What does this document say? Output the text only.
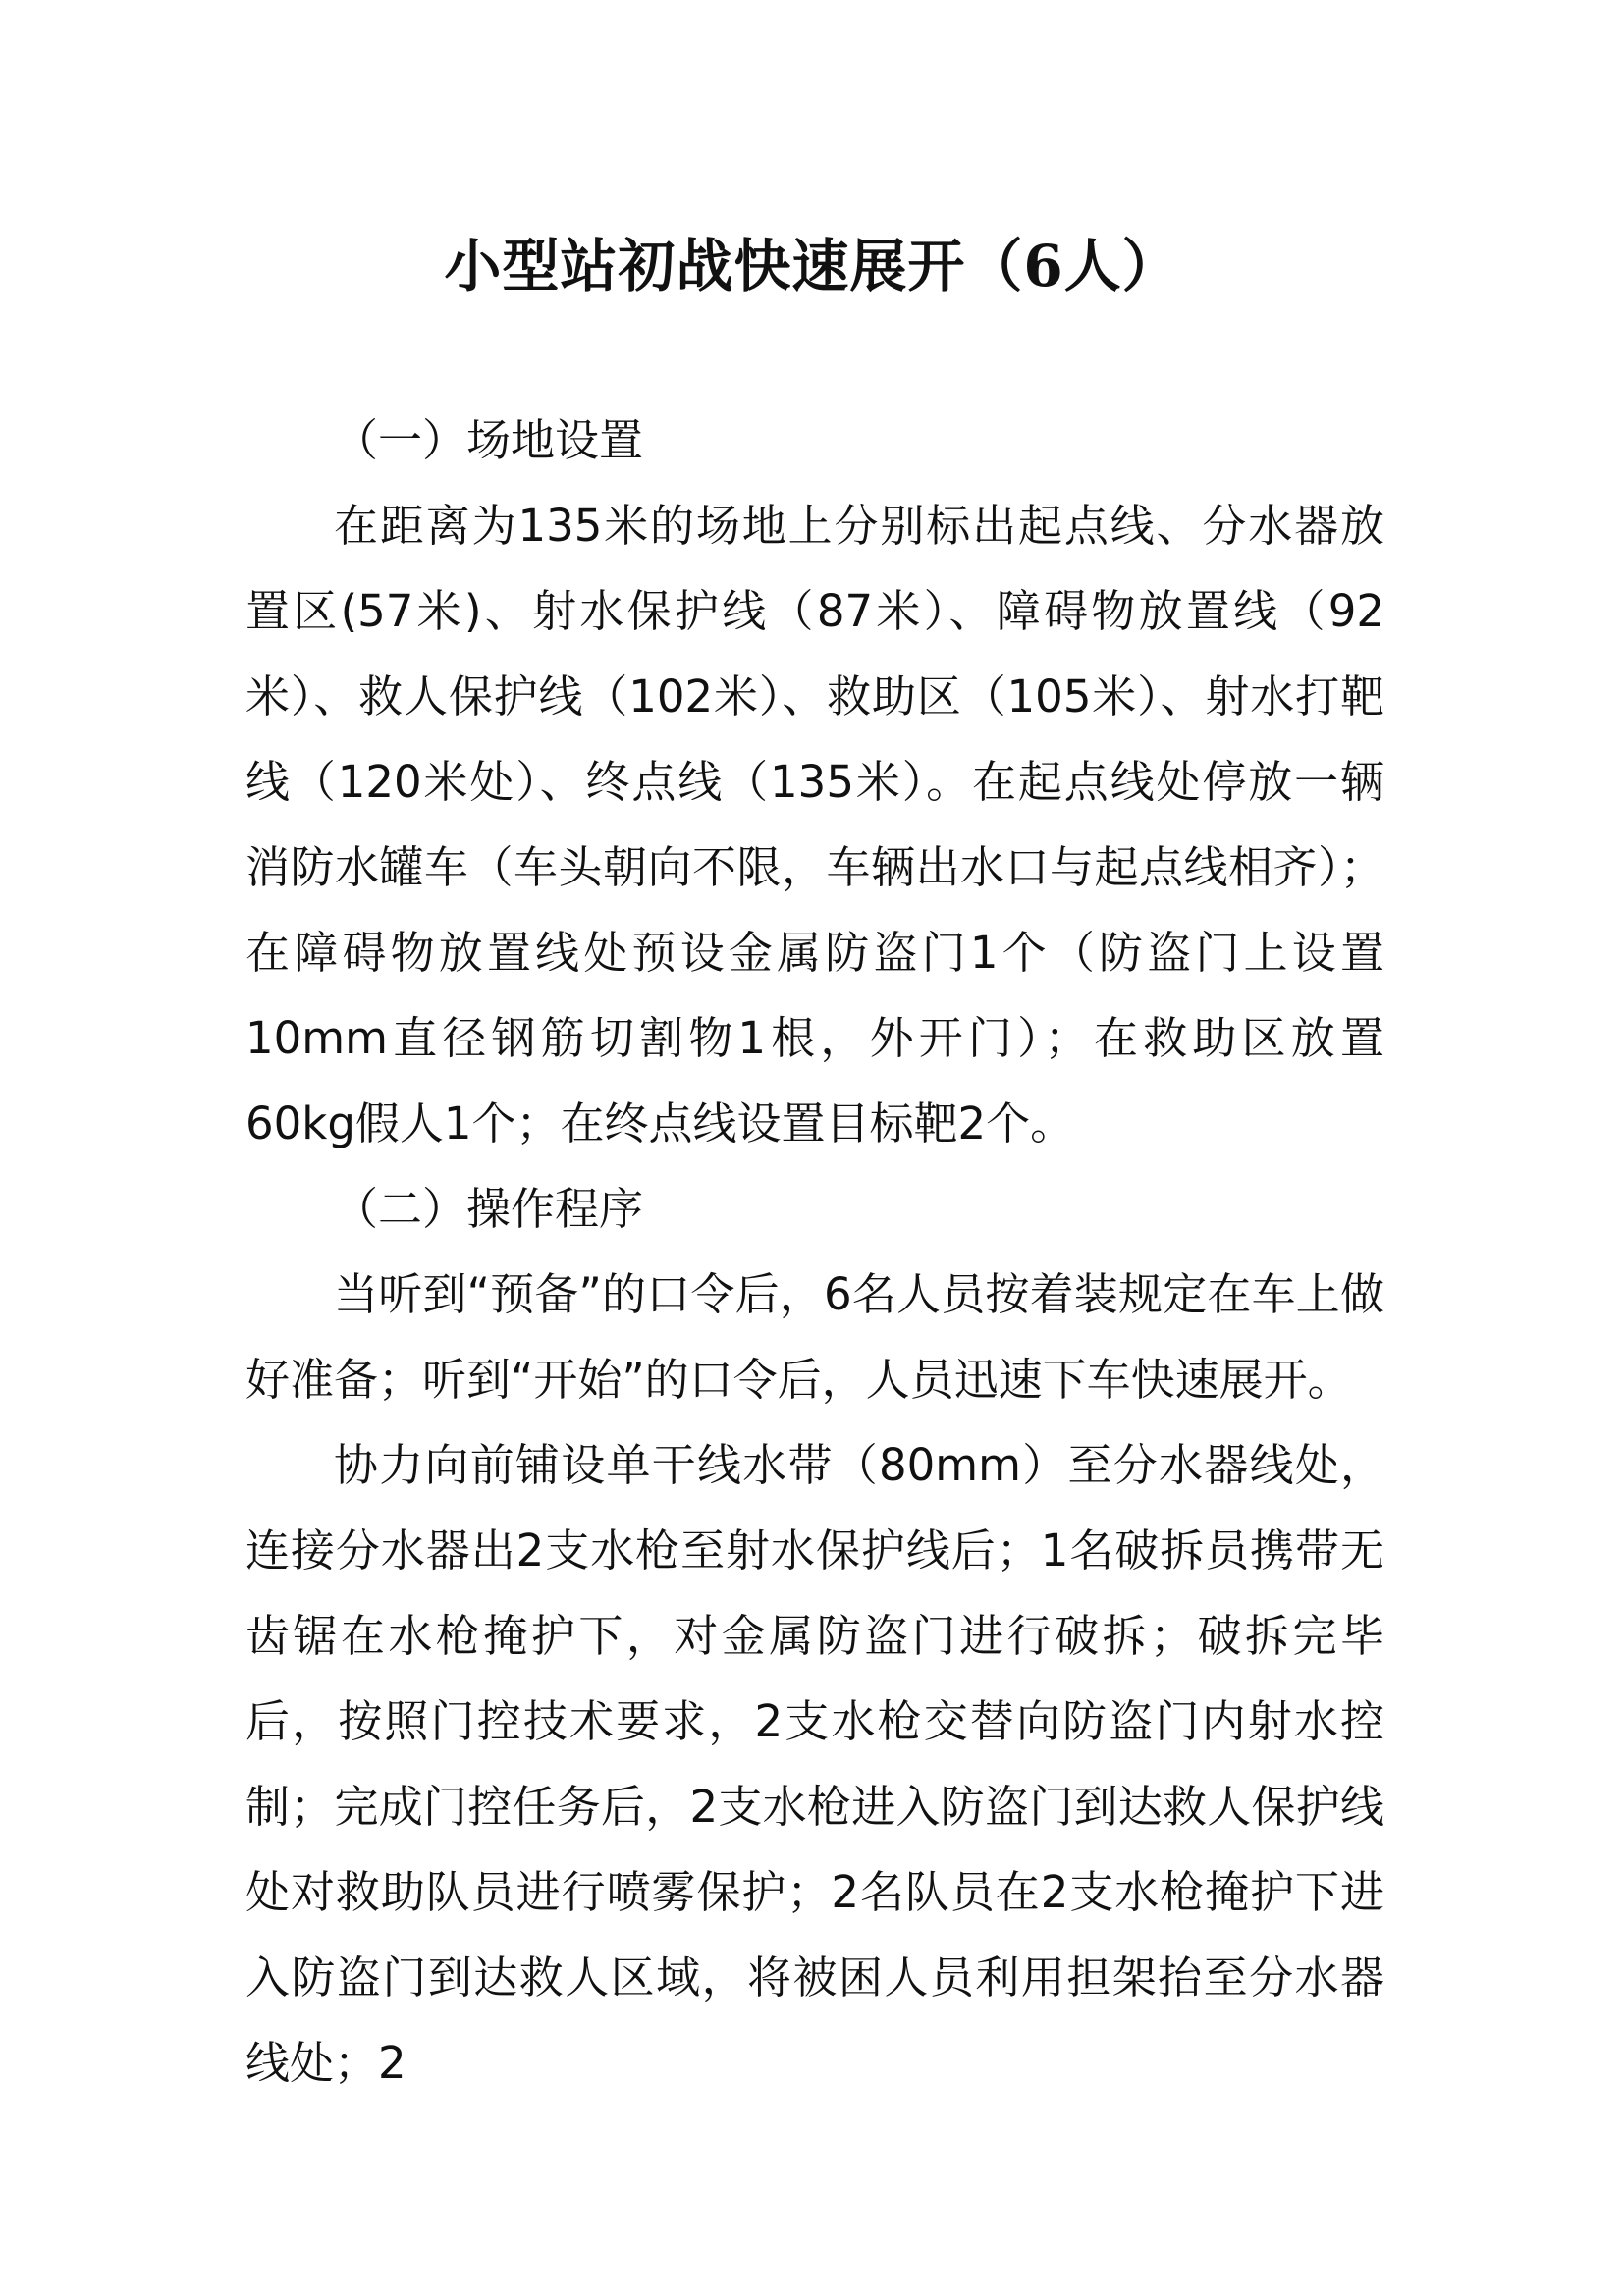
小型站初战快速展开（6人）

（一）场地设置

在距离为135米的场地上分别标出起点线、分水器放置区(57米)、射水保护线（87米）、障碍物放置线（92米）、救人保护线（102米）、救助区（105米）、射水打靶线（120米处）、终点线（135米）。在起点线处停放一辆消防水罐车（车头朝向不限，车辆出水口与起点线相齐）；在障碍物放置线处预设金属防盗门1个（防盗门上设置10mm直径钢筋切割物1根，外开门）；在救助区放置60kg假人1个；在终点线设置目标靶2个。

（二）操作程序

当听到“预备”的口令后，6名人员按着装规定在车上做好准备；听到“开始”的口令后，人员迅速下车快速展开。

协力向前铺设单干线水带（80mm）至分水器线处，连接分水器出2支水枪至射水保护线后；1名破拆员携带无齿锯在水枪掩护下，对金属防盗门进行破拆；破拆完毕后，按照门控技术要求，2支水枪交替向防盗门内射水控制；完成门控任务后，2支水枪进入防盗门到达救人保护线处对救助队员进行喷雾保护；2名队员在2支水枪掩护下进入防盗门到达救人区域，将被困人员利用担架抬至分水器线处；2
